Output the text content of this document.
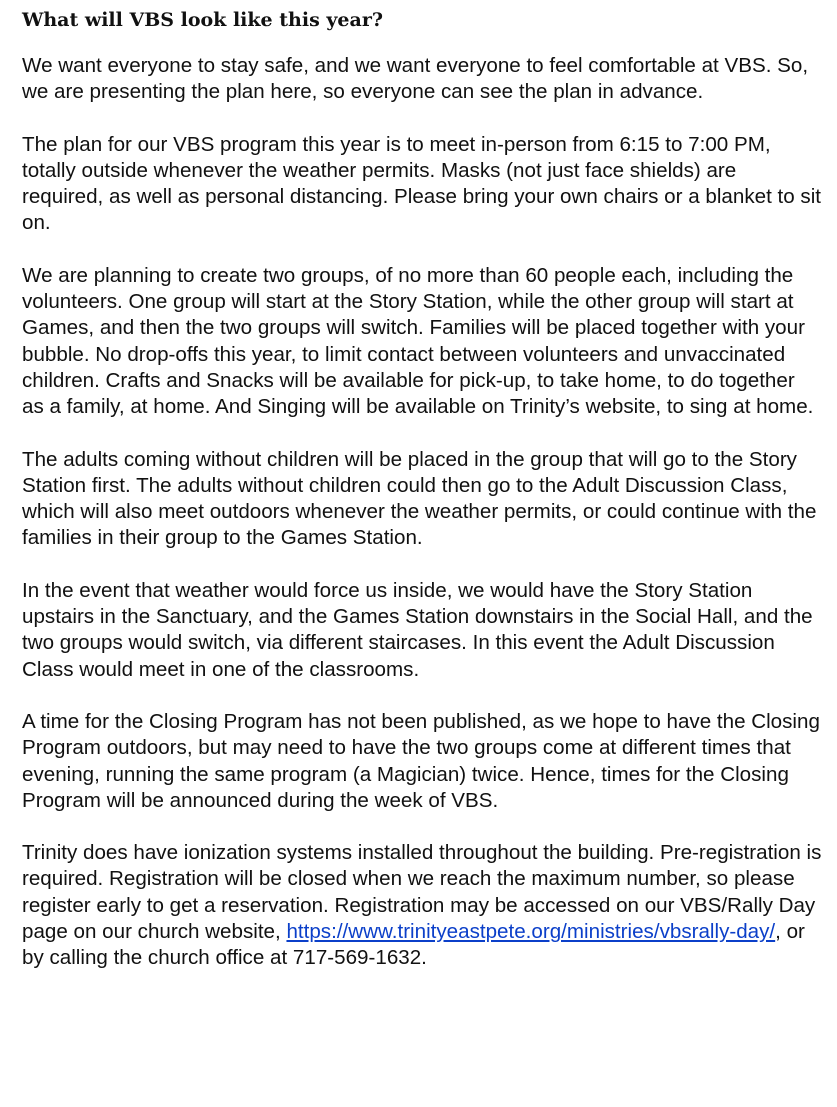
What will VBS look like this year?

We want everyone to stay safe, and we want everyone to feel comfortable at VBS. So, we are presenting the plan here, so everyone can see the plan in advance.

The plan for our VBS program this year is to meet in-person from 6:15 to 7:00 PM, totally outside whenever the weather permits. Masks (not just face shields) are required, as well as personal distancing. Please bring your own chairs or a blanket to sit on.

We are planning to create two groups, of no more than 60 people each, including the volunteers. One group will start at the Story Station, while the other group will start at Games, and then the two groups will switch. Families will be placed together with your bubble. No drop-offs this year, to limit contact between volunteers and unvaccinated children. Crafts and Snacks will be available for pick-up, to take home, to do together as a family, at home. And Singing will be available on Trinity’s website, to sing at home.

The adults coming without children will be placed in the group that will go to the Story Station first. The adults without children could then go to the Adult Discussion Class, which will also meet outdoors whenever the weather permits, or could continue with the families in their group to the Games Station.

In the event that weather would force us inside, we would have the Story Station upstairs in the Sanctuary, and the Games Station downstairs in the Social Hall, and the two groups would switch, via different staircases. In this event the Adult Discussion Class would meet in one of the classrooms.

A time for the Closing Program has not been published, as we hope to have the Closing Program outdoors, but may need to have the two groups come at different times that evening, running the same program (a Magician) twice. Hence, times for the Closing Program will be announced during the week of VBS.

Trinity does have ionization systems installed throughout the building. Pre-registration is required. Registration will be closed when we reach the maximum number, so please register early to get a reservation. Registration may be accessed on our VBS/Rally Day page on our church website, https://www.trinityeastpete.org/ministries/vbsrally-day/, or by calling the church office at 717-569-1632.
